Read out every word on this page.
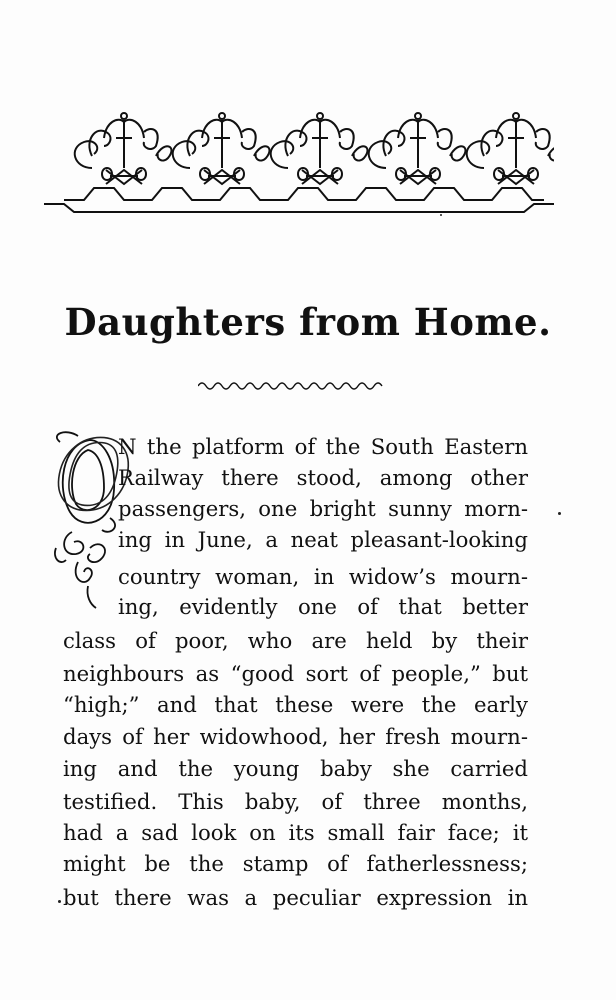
Daughters from Home.
O
N the platform of the South Eastern
Railway there stood, among other
passengers, one bright sunny morn-
ing in June, a neat pleasant-looking
country woman, in widow’s mourn-
ing, evidently one of that better
class of poor, who are held by their
neighbours as “good sort of people,” but
“high;” and that these were the early
days of her widowhood, her fresh mourn-
ing and the young baby she carried
testified. This baby, of three months,
had a sad look on its small fair face; it
might be the stamp of fatherlessness;
but there was a peculiar expression in
